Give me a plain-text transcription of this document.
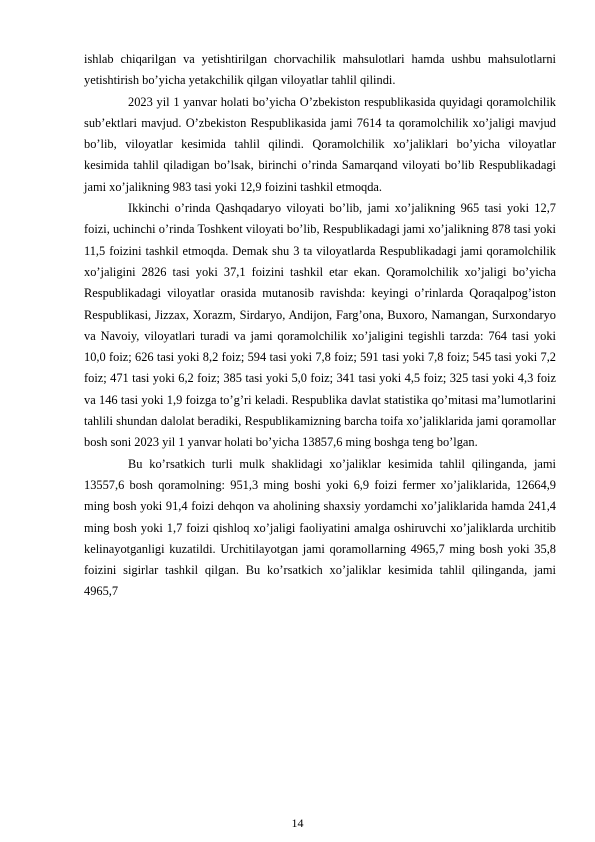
ishlab chiqarilgan va yetishtirilgan chorvachilik mahsulotlari hamda ushbu mahsulotlarni yetishtirish bo’yicha yetakchilik qilgan viloyatlar tahlil qilindi.

2023 yil 1 yanvar holati bo’yicha O’zbekiston respublikasida quyidagi qoramolchilik sub’ektlari mavjud. O’zbekiston Respublikasida jami 7614 ta qoramolchilik xo’jaligi mavjud bo’lib, viloyatlar kesimida tahlil qilindi. Qoramolchilik xo’jaliklari bo’yicha viloyatlar kesimida tahlil qiladigan bo’lsak, birinchi o’rinda Samarqand viloyati bo’lib Respublikadagi jami xo’jalikning 983 tasi yoki 12,9 foizini tashkil etmoqda.

Ikkinchi o’rinda Qashqadaryo viloyati bo’lib, jami xo’jalikning 965 tasi yoki 12,7 foizi, uchinchi o’rinda Toshkent viloyati bo’lib, Respublikadagi jami xo’jalikning 878 tasi yoki 11,5 foizini tashkil etmoqda. Demak shu 3 ta viloyatlarda Respublikadagi jami qoramolchilik xo’jaligini 2826 tasi yoki 37,1 foizini tashkil etar ekan. Qoramolchilik xo’jaligi bo’yicha Respublikadagi viloyatlar orasida mutanosib ravishda: keyingi o’rinlarda Qoraqalpog’iston Respublikasi, Jizzax, Xorazm, Sirdaryo, Andijon, Farg’ona, Buxoro, Namangan, Surxondaryo va Navoiy, viloyatlari turadi va jami qoramolchilik xo’jaligini tegishli tarzda: 764 tasi yoki 10,0 foiz; 626 tasi yoki 8,2 foiz; 594 tasi yoki 7,8 foiz; 591 tasi yoki 7,8 foiz; 545 tasi yoki 7,2 foiz; 471 tasi yoki 6,2 foiz; 385 tasi yoki 5,0 foiz; 341 tasi yoki 4,5 foiz; 325 tasi yoki 4,3 foiz va 146 tasi yoki 1,9 foizga to’g’ri keladi. Respublika davlat statistika qo’mitasi ma’lumotlarini tahlili shundan dalolat beradiki, Respublikamizning barcha toifa xo’jaliklarida jami qoramollar bosh soni 2023 yil 1 yanvar holati bo’yicha 13857,6 ming boshga teng bo’lgan.

Bu ko’rsatkich turli mulk shaklidagi xo’jaliklar kesimida tahlil qilinganda, jami 13557,6 bosh qoramolning: 951,3 ming boshi yoki 6,9 foizi fermer xo’jaliklarida, 12664,9 ming bosh yoki 91,4 foizi dehqon va aholining shaxsiy yordamchi xo’jaliklarida hamda 241,4 ming bosh yoki 1,7 foizi qishloq xo’jaligi faoliyatini amalga oshiruvchi xo’jaliklarda urchitib kelinayotganligi kuzatildi. Urchitilayotgan jami qoramollarning 4965,7 ming bosh yoki 35,8 foizini sigirlar tashkil qilgan. Bu ko’rsatkich xo’jaliklar kesimida tahlil qilinganda, jami 4965,7

14
